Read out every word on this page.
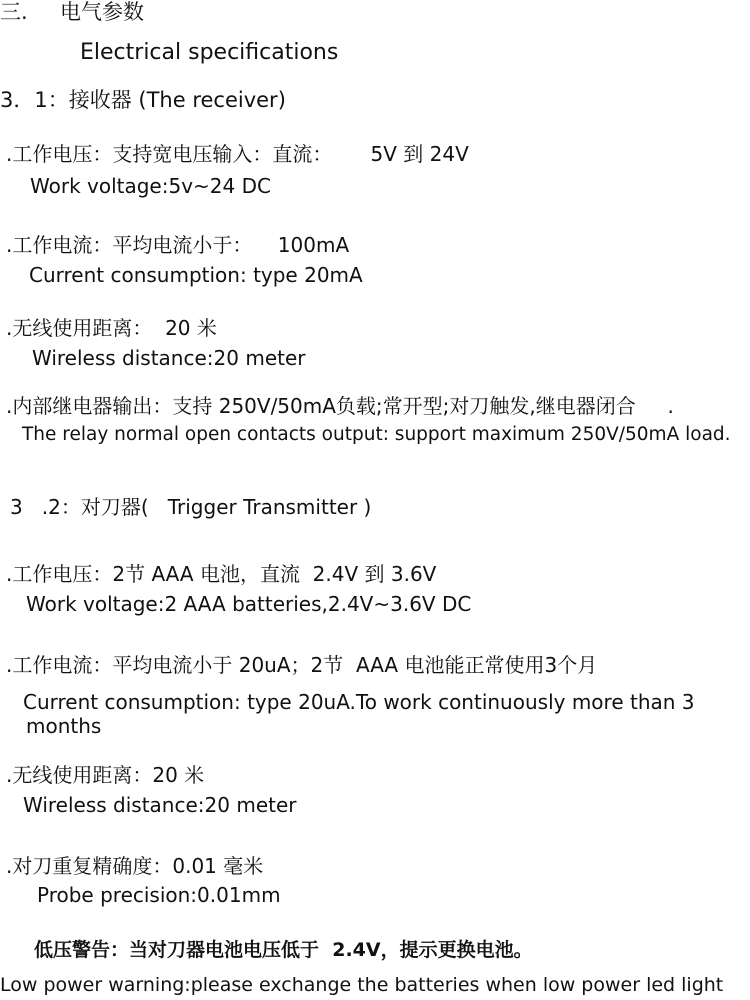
三. 电气参数
Electrical specifications
3．1：接收器 (The receiver)
.工作电压：支持宽电压输入：直流：      5V 到 24V
Work voltage:5v~24 DC
.工作电流：平均电流小于：    100mA
Current consumption: type 20mA
.无线使用距离：  20 米
Wireless distance:20 meter
.内部继电器输出：支持 250V/50mA负载;常开型;对刀触发,继电器闭合     .
The relay normal open contacts output: support maximum 250V/50mA load.
3   .2：对刀器(   Trigger Transmitter )
.工作电压：2节 AAA 电池，直流  2.4V 到 3.6V
Work voltage:2 AAA batteries,2.4V~3.6V DC
.工作电流：平均电流小于 20uA；2节  AAA 电池能正常使用3个月
Current consumption: type 20uA.To work continuously more than 3
months
.无线使用距离：20 米
Wireless distance:20 meter
.对刀重复精确度：0.01 毫米
Probe precision:0.01mm
低压警告：当对刀器电池电压低于  2.4V，提示更换电池。
Low power warning:please exchange the batteries when low power led light
